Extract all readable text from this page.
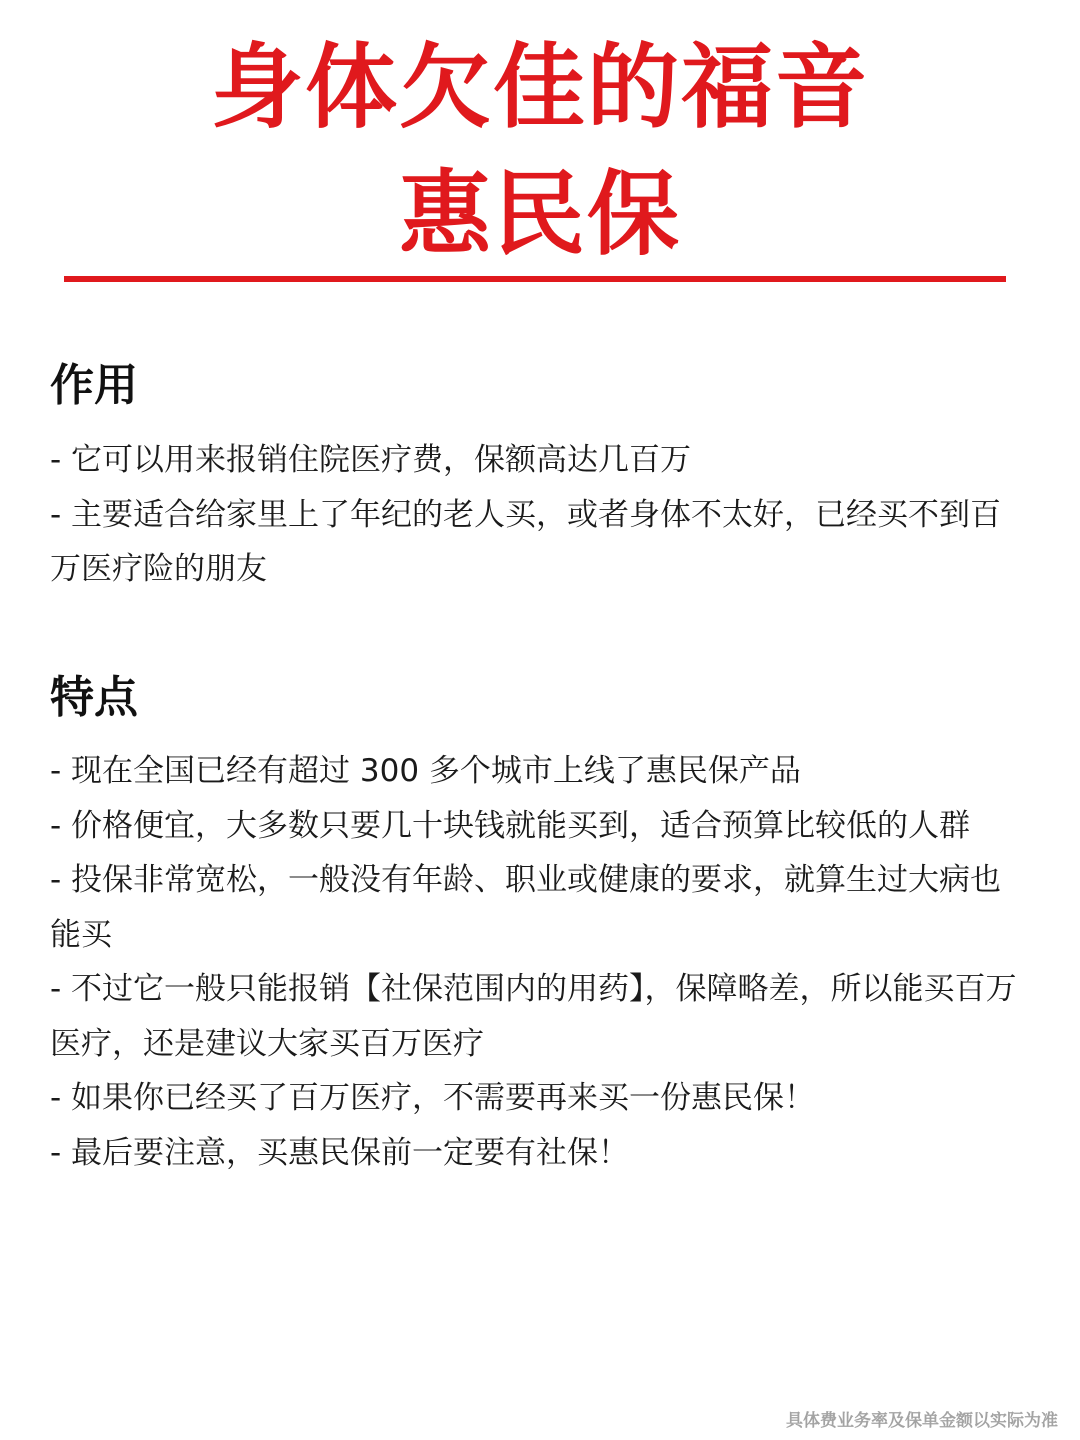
身体欠佳的福音
惠民保
作用
- 它可以用来报销住院医疗费，保额高达几百万
- 主要适合给家里上了年纪的老人买，或者身体不太好，已经买不到百万医疗险的朋友
特点
- 现在全国已经有超过 300 多个城市上线了惠民保产品
- 价格便宜，大多数只要几十块钱就能买到，适合预算比较低的人群
- 投保非常宽松，一般没有年龄、职业或健康的要求，就算生过大病也能买
- 不过它一般只能报销【社保范围内的用药】，保障略差，所以能买百万医疗，还是建议大家买百万医疗
- 如果你已经买了百万医疗，不需要再来买一份惠民保！
- 最后要注意，买惠民保前一定要有社保！
具体费业务率及保单金额以实际为准
